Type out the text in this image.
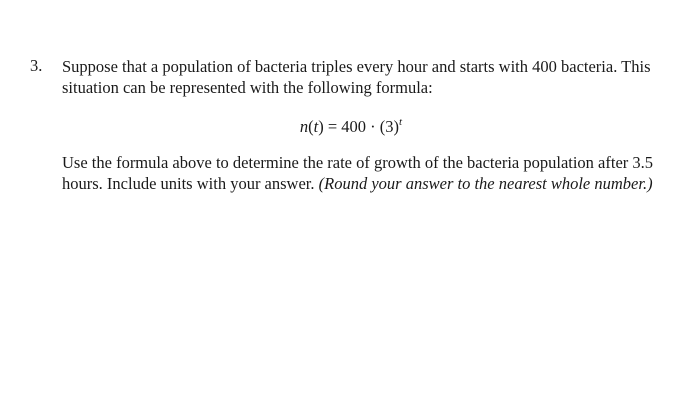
3. Suppose that a population of bacteria triples every hour and starts with 400 bacteria. This situation can be represented with the following formula:

$n(t) = 400 \cdot (3)^t$

Use the formula above to determine the rate of growth of the bacteria population after 3.5 hours. Include units with your answer. (Round your answer to the nearest whole number.)
